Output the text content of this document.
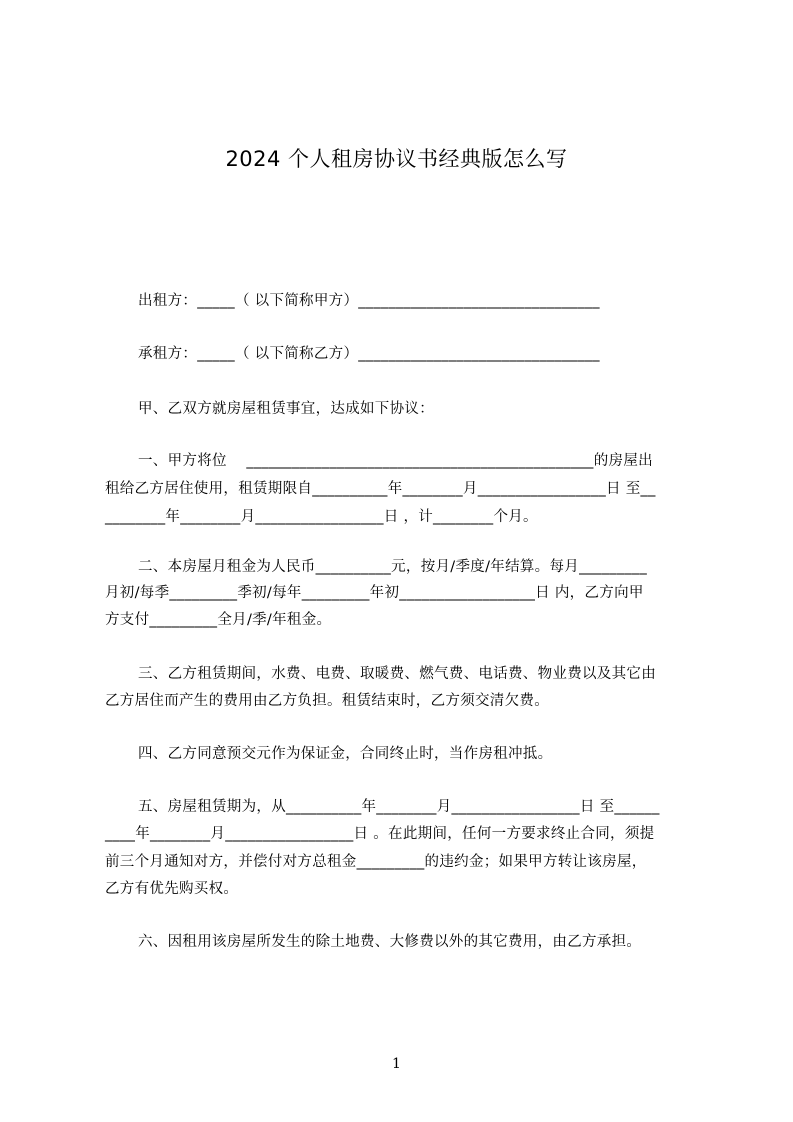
2024 个人租房协议书经典版怎么写
出租方：_____（ 以下简称甲方）________________________________
承租方：_____（ 以下简称乙方）________________________________
甲、乙双方就房屋租赁事宜，达成如下协议：
一、甲方将位    ______________________________________________的房屋出
租给乙方居住使用，租赁期限自__________年________月_________________日 至__
________年________月_________________日 ，计________个月。
二、本房屋月租金为人民币__________元，按月/季度/年结算。每月_________
月初/每季_________季初/每年_________年初__________________日 内，乙方向甲
方支付_________全月/季/年租金。
三、乙方租赁期间，水费、电费、取暖费、燃气费、电话费、物业费以及其它由
乙方居住而产生的费用由乙方负担。租赁结束时，乙方须交清欠费。
四、乙方同意预交元作为保证金，合同终止时，当作房租冲抵。
五、房屋租赁期为，从__________年________月_________________日 至______
____年________月_________________日 。在此期间，任何一方要求终止合同，须提
前三个月通知对方，并偿付对方总租金_________的违约金；如果甲方转让该房屋，
乙方有优先购买权。
六、因租用该房屋所发生的除土地费、大修费以外的其它费用，由乙方承担。
1
